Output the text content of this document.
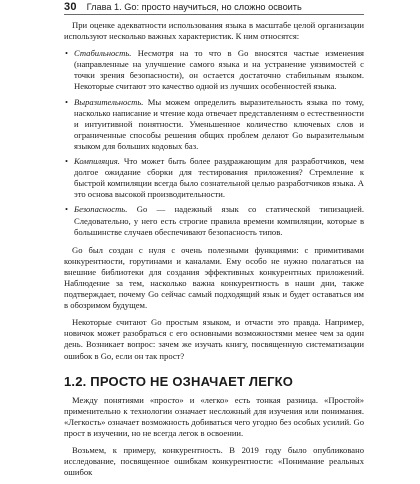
30 Глава 1. Go: просто научиться, но сложно освоить

При оценке адекватности использования языка в масштабе целой организации используют несколько важных характеристик. К ним относятся:

• Стабильность. Несмотря на то что в Go вносятся частые изменения (направленные на улучшение самого языка и на устранение уязвимостей с точки зрения безопасности), он остается достаточно стабильным языком. Некоторые считают это качество одной из лучших особенностей языка.
• Выразительность. Мы можем определить выразительность языка по тому, насколько написание и чтение кода отвечает представлениям о естественности и интуитивной понятности. Уменьшенное количество ключевых слов и ограниченные способы решения общих проблем делают Go выразительным языком для больших кодовых баз.
• Компиляция. Что может быть более раздражающим для разработчиков, чем долгое ожидание сборки для тестирования приложения? Стремление к быстрой компиляции всегда было сознательной целью разработчиков языка. А это основа высокой производительности.
• Безопасность. Go — надежный язык со статической типизацией. Следовательно, у него есть строгие правила времени компиляции, которые в большинстве случаев обеспечивают безопасность типов.

Go был создан с нуля с очень полезными функциями: с примитивами конкурентности, горутинами и каналами. Ему особо не нужно полагаться на внешние библиотеки для создания эффективных конкурентных приложений. Наблюдение за тем, насколько важна конкурентность в наши дни, также подтверждает, почему Go сейчас самый подходящий язык и будет оставаться им в обозримом будущем.

Некоторые считают Go простым языком, и отчасти это правда. Например, новичок может разобраться с его основными возможностями менее чем за один день. Возникает вопрос: зачем же изучать книгу, посвященную систематизации ошибок в Go, если он так прост?

1.2. ПРОСТО НЕ ОЗНАЧАЕТ ЛЕГКО

Между понятиями «просто» и «легко» есть тонкая разница. «Простой» применительно к технологии означает несложный для изучения или понимания. «Легкость» означает возможность добиваться чего угодно без особых усилий. Go прост в изучении, но не всегда легок в освоении.

Возьмем, к примеру, конкурентность. В 2019 году было опубликовано исследование, посвященное ошибкам конкурентности: «Понимание реальных ошибок
